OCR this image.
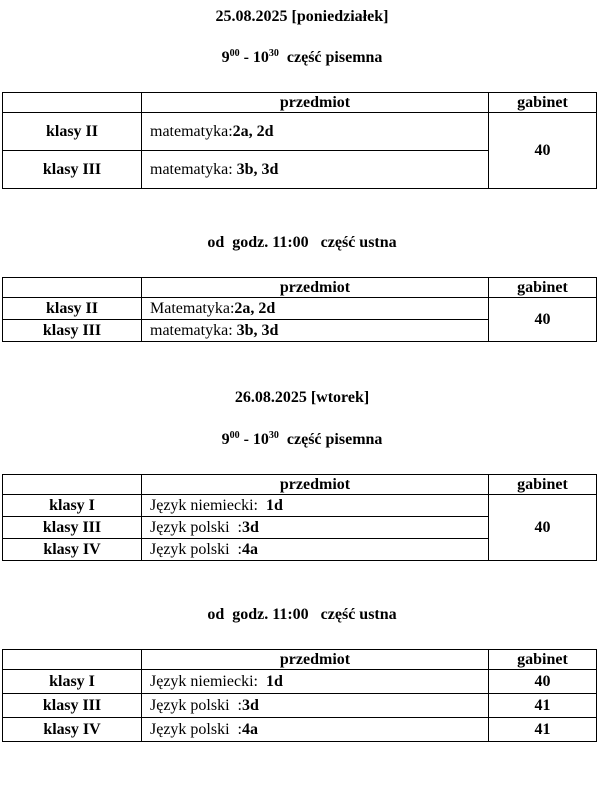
25.08.2025 [poniedziałek]
$9^{00} - 10^{30}$  część pisemna
	przedmiot	gabinet
klasy II	matematyka:2a, 2d	40
klasy III	matematyka: 3b, 3d	
od  godz. 11:00   część ustna
	przedmiot	gabinet
klasy II	Matematyka:2a, 2d	40
klasy III	matematyka: 3b, 3d	
26.08.2025 [wtorek]
$9^{00} - 10^{30}$  część pisemna
	przedmiot	gabinet
klasy I	Język niemiecki:  1d	40
klasy III	Język polski  :3d	
klasy IV	Język polski  :4a	
od  godz. 11:00   część ustna
	przedmiot	gabinet
klasy I	Język niemiecki:  1d	40
klasy III	Język polski  :3d	41
klasy IV	Język polski  :4a	41
